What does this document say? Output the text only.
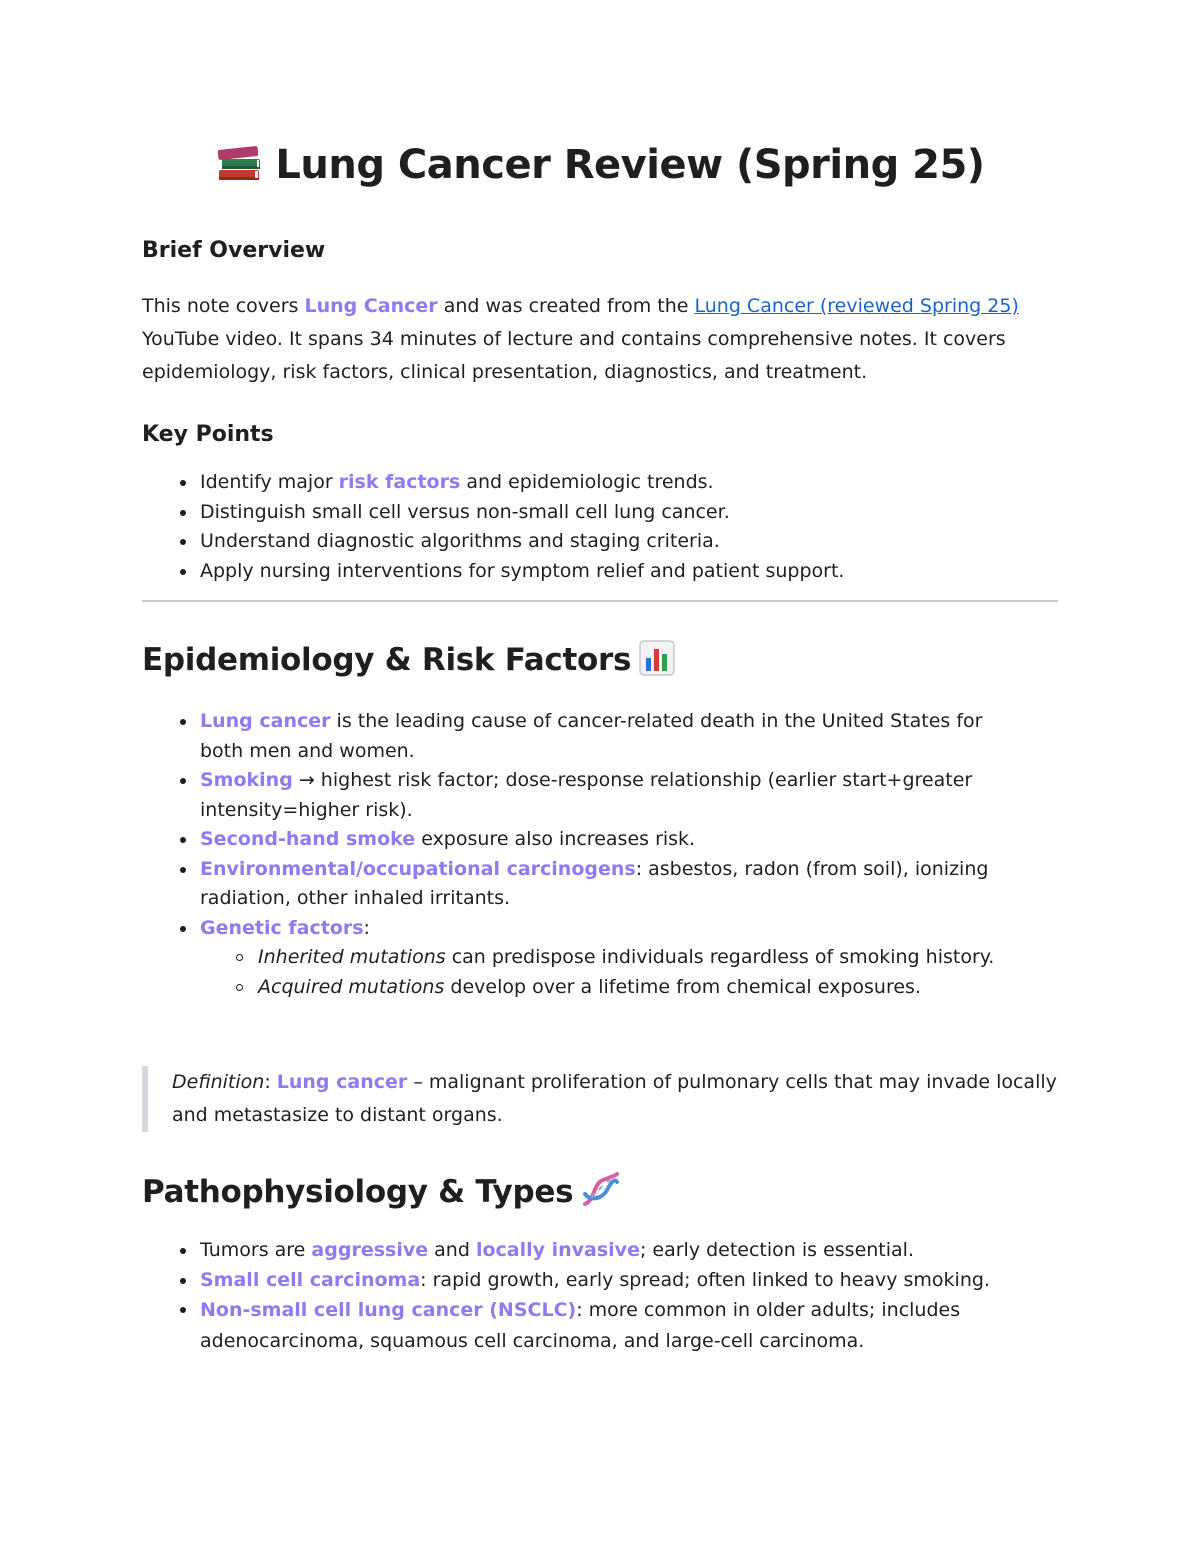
Lung Cancer Review (Spring 25)
Brief Overview

This note covers Lung Cancer and was created from the Lung Cancer (reviewed Spring 25) YouTube video. It spans 34 minutes of lecture and contains comprehensive notes. It covers epidemiology, risk factors, clinical presentation, diagnostics, and treatment.

Key Points
Identify major risk factors and epidemiologic trends.
Distinguish small cell versus non-small cell lung cancer.
Understand diagnostic algorithms and staging criteria.
Apply nursing interventions for symptom relief and patient support.
Epidemiology & Risk Factors
Lung cancer is the leading cause of cancer-related death in the United States for both men and women.
Smoking → highest risk factor; dose-response relationship (earlier start+greater intensity=higher risk).
Second-hand smoke exposure also increases risk.
Environmental/occupational carcinogens: asbestos, radon (from soil), ionizing radiation, other inhaled irritants.
Genetic factors:
Inherited mutations can predispose individuals regardless of smoking history.
Acquired mutations develop over a lifetime from chemical exposures.
Definition: Lung cancer – malignant proliferation of pulmonary cells that may invade locally and metastasize to distant organs.
Pathophysiology & Types
Tumors are aggressive and locally invasive; early detection is essential.
Small cell carcinoma: rapid growth, early spread; often linked to heavy smoking.
Non-small cell lung cancer (NSCLC): more common in older adults; includes adenocarcinoma, squamous cell carcinoma, and large-cell carcinoma.
